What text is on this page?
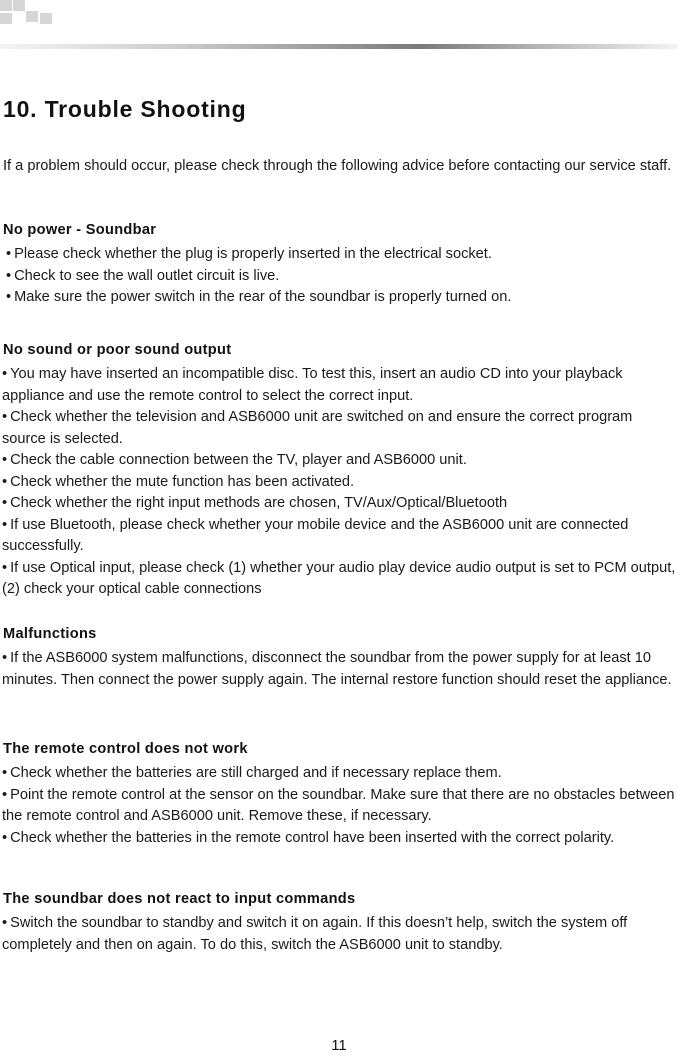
10. Trouble Shooting

If a problem should occur, please check through the following advice before contacting our service staff.

No power - Soundbar
• Please check whether the plug is properly inserted in the electrical socket.
• Check to see the wall outlet circuit is live.
• Make sure the power switch in the rear of the soundbar is properly turned on.
No sound or poor sound output
• You may have inserted an incompatible disc. To test this, insert an audio CD into your playback appliance and use the remote control to select the correct input.
• Check whether the television and ASB6000 unit are switched on and ensure the correct program source is selected.
• Check the cable connection between the TV, player and ASB6000 unit.
• Check whether the mute function has been activated.
• Check whether the right input methods are chosen, TV/Aux/Optical/Bluetooth
• If use Bluetooth, please check whether your mobile device and the ASB6000 unit are connected successfully.
• If use Optical input, please check (1) whether your audio play device audio output is set to PCM output, (2) check your optical cable connections
Malfunctions
• If the ASB6000 system malfunctions, disconnect the soundbar from the power supply for at least 10 minutes. Then connect the power supply again. The internal restore function should reset the appliance.
The remote control does not work
• Check whether the batteries are still charged and if necessary replace them.
• Point the remote control at the sensor on the soundbar. Make sure that there are no obstacles between the remote control and ASB6000 unit. Remove these, if necessary.
• Check whether the batteries in the remote control have been inserted with the correct polarity.
The soundbar does not react to input commands
• Switch the soundbar to standby and switch it on again. If this doesn’t help, switch the system off completely and then on again. To do this, switch the ASB6000 unit to standby.
11
